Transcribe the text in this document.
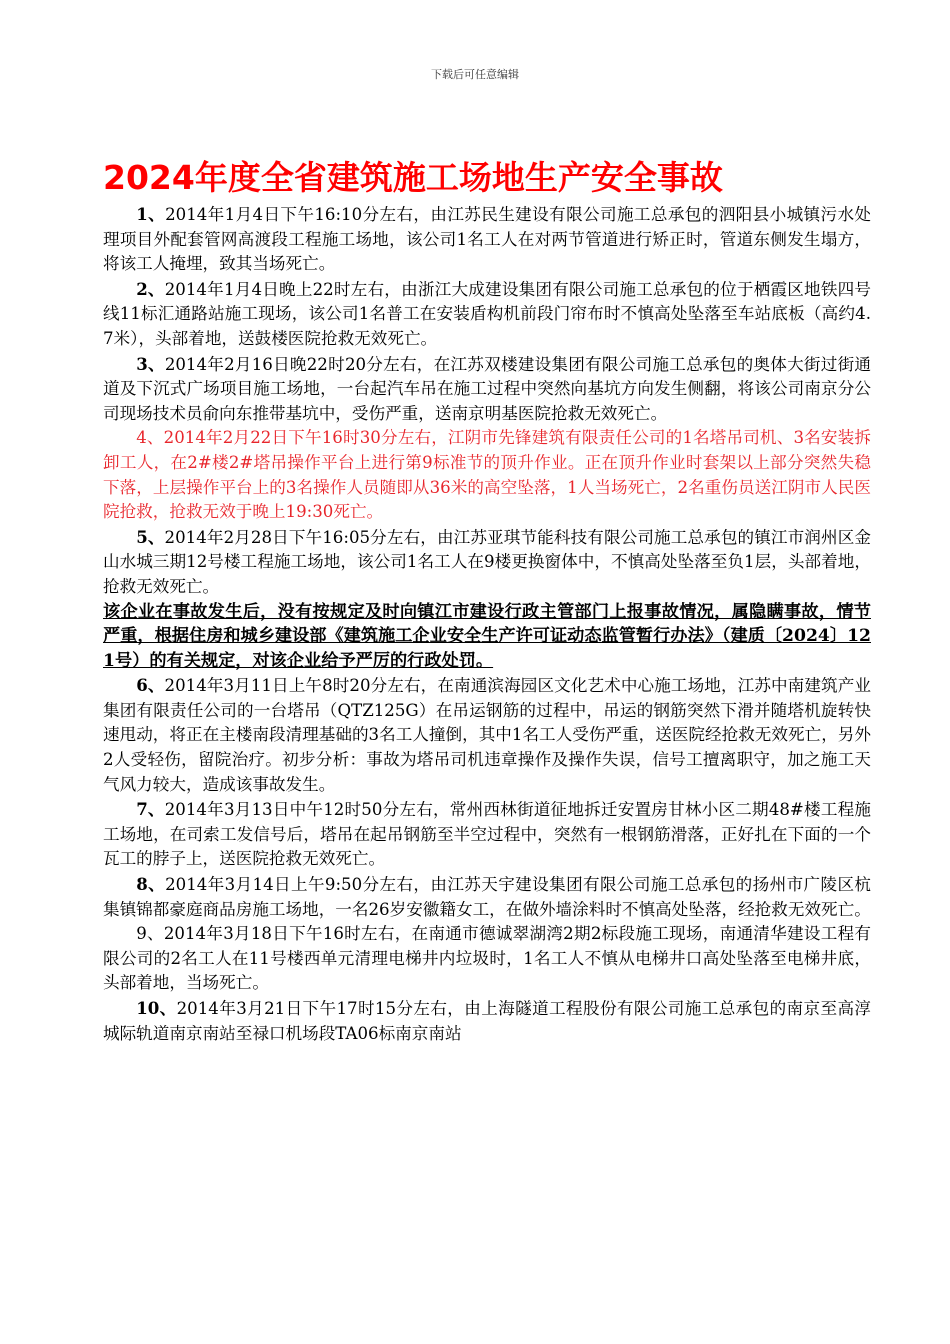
下载后可任意编辑
2024年度全省建筑施工场地生产安全事故

1、2014年1月4日下午16:10分左右，由江苏民生建设有限公司施工总承包的泗阳县小城镇污水处理项目外配套管网高渡段工程施工场地，该公司1名工人在对两节管道进行矫正时，管道东侧发生塌方，将该工人掩埋，致其当场死亡。

2、2014年1月4日晚上22时左右，由浙江大成建设集团有限公司施工总承包的位于栖霞区地铁四号线11标汇通路站施工现场，该公司1名普工在安装盾构机前段门帘布时不慎高处坠落至车站底板（高约4.7米），头部着地，送鼓楼医院抢救无效死亡。

3、2014年2月16日晚22时20分左右，在江苏双楼建设集团有限公司施工总承包的奥体大街过街通道及下沉式广场项目施工场地，一台起汽车吊在施工过程中突然向基坑方向发生侧翻，将该公司南京分公司现场技术员俞向东推带基坑中，受伤严重，送南京明基医院抢救无效死亡。

4、2014年2月22日下午16时30分左右，江阴市先锋建筑有限责任公司的1名塔吊司机、3名安装拆卸工人，在2#楼2#塔吊操作平台上进行第9标准节的顶升作业。正在顶升作业时套架以上部分突然失稳下落，上层操作平台上的3名操作人员随即从36米的高空坠落，1人当场死亡，2名重伤员送江阴市人民医院抢救，抢救无效于晚上19:30死亡。

5、2014年2月28日下午16:05分左右，由江苏亚琪节能科技有限公司施工总承包的镇江市润州区金山水城三期12号楼工程施工场地，该公司1名工人在9楼更换窗体中，不慎高处坠落至负1层，头部着地，抢救无效死亡。

该企业在事故发生后，没有按规定及时向镇江市建设行政主管部门上报事故情况，属隐瞒事故，情节严重，根据住房和城乡建设部《建筑施工企业安全生产许可证动态监管暂行办法》（建质〔2024〕121号）的有关规定，对该企业给予严厉的行政处罚。

6、2014年3月11日上午8时20分左右，在南通滨海园区文化艺术中心施工场地，江苏中南建筑产业集团有限责任公司的一台塔吊（QTZ125G）在吊运钢筋的过程中，吊运的钢筋突然下滑并随塔机旋转快速甩动，将正在主楼南段清理基础的3名工人撞倒，其中1名工人受伤严重，送医院经抢救无效死亡，另外2人受轻伤，留院治疗。初步分析：事故为塔吊司机违章操作及操作失误，信号工擅离职守，加之施工天气风力较大，造成该事故发生。

7、2014年3月13日中午12时50分左右，常州西林街道征地拆迁安置房甘林小区二期48#楼工程施工场地，在司索工发信号后，塔吊在起吊钢筋至半空过程中，突然有一根钢筋滑落，正好扎在下面的一个瓦工的脖子上，送医院抢救无效死亡。

8、2014年3月14日上午9:50分左右，由江苏天宇建设集团有限公司施工总承包的扬州市广陵区杭集镇锦都豪庭商品房施工场地，一名26岁安徽籍女工，在做外墙涂料时不慎高处坠落，经抢救无效死亡。

9、2014年3月18日下午16时左右，在南通市德诚翠湖湾2期2标段施工现场，南通清华建设工程有限公司的2名工人在11号楼西单元清理电梯井内垃圾时，1名工人不慎从电梯井口高处坠落至电梯井底，头部着地，当场死亡。

10、2014年3月21日下午17时15分左右，由上海隧道工程股份有限公司施工总承包的南京至高淳城际轨道南京南站至禄口机场段TA06标南京南站
